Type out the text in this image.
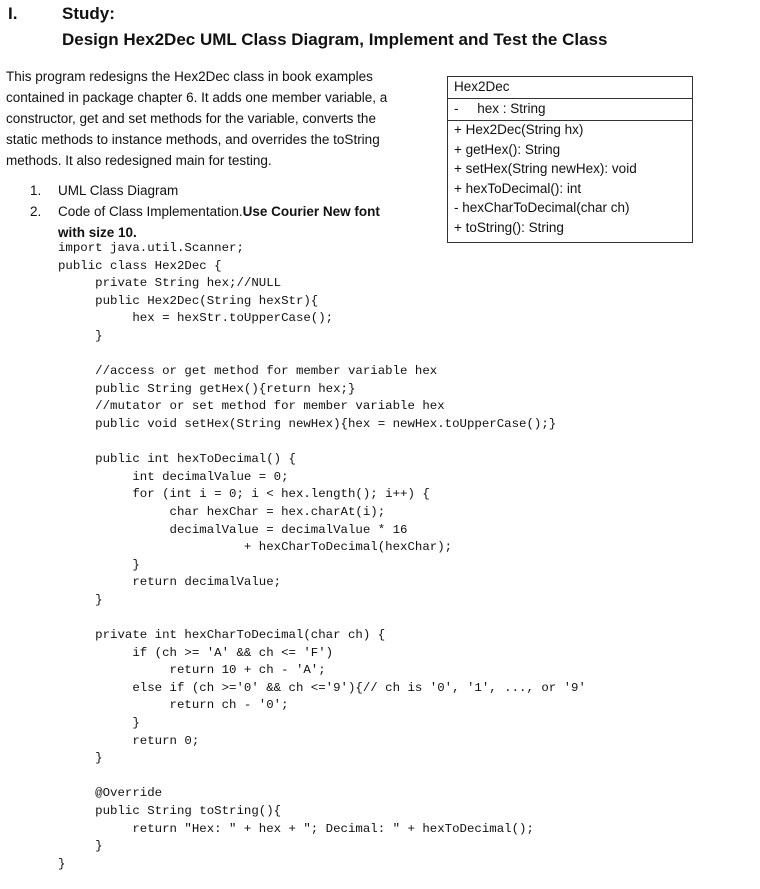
I.	Study:
Design Hex2Dec UML Class Diagram, Implement and Test the Class
This program redesigns the Hex2Dec class in book examples
contained in package chapter 6. It adds one member variable, a
constructor, get and set methods for the variable, converts the
static methods to instance methods, and overrides the toString
methods. It also redesigned main for testing.
1.	UML Class Diagram
2.	Code of Class Implementation. Use Courier New font
with size 10.
Hex2Dec
-     hex : String
+ Hex2Dec(String hx)
+ getHex(): String
+ setHex(String newHex): void
+ hexToDecimal(): int
- hexCharToDecimal(char ch)
+ toString(): String
import java.util.Scanner;
public class Hex2Dec {
private String hex;//NULL
public Hex2Dec(String hexStr){
hex = hexStr.toUpperCase();
}

//access or get method for member variable hex
public String getHex(){return hex;}
//mutator or set method for member variable hex
public void setHex(String newHex){hex = newHex.toUpperCase();}

public int hexToDecimal() {
int decimalValue = 0;
for (int i = 0; i < hex.length(); i++) {
char hexChar = hex.charAt(i);
decimalValue = decimalValue * 16
+ hexCharToDecimal(hexChar);
}
return decimalValue;
}

private int hexCharToDecimal(char ch) {
if (ch >= 'A' && ch <= 'F')
return 10 + ch - 'A';
else if (ch >='0' && ch <='9'){// ch is '0', '1', ..., or '9'
return ch - '0';
}
return 0;
}

@Override
public String toString(){
return "Hex: " + hex + "; Decimal: " + hexToDecimal();
}
}
